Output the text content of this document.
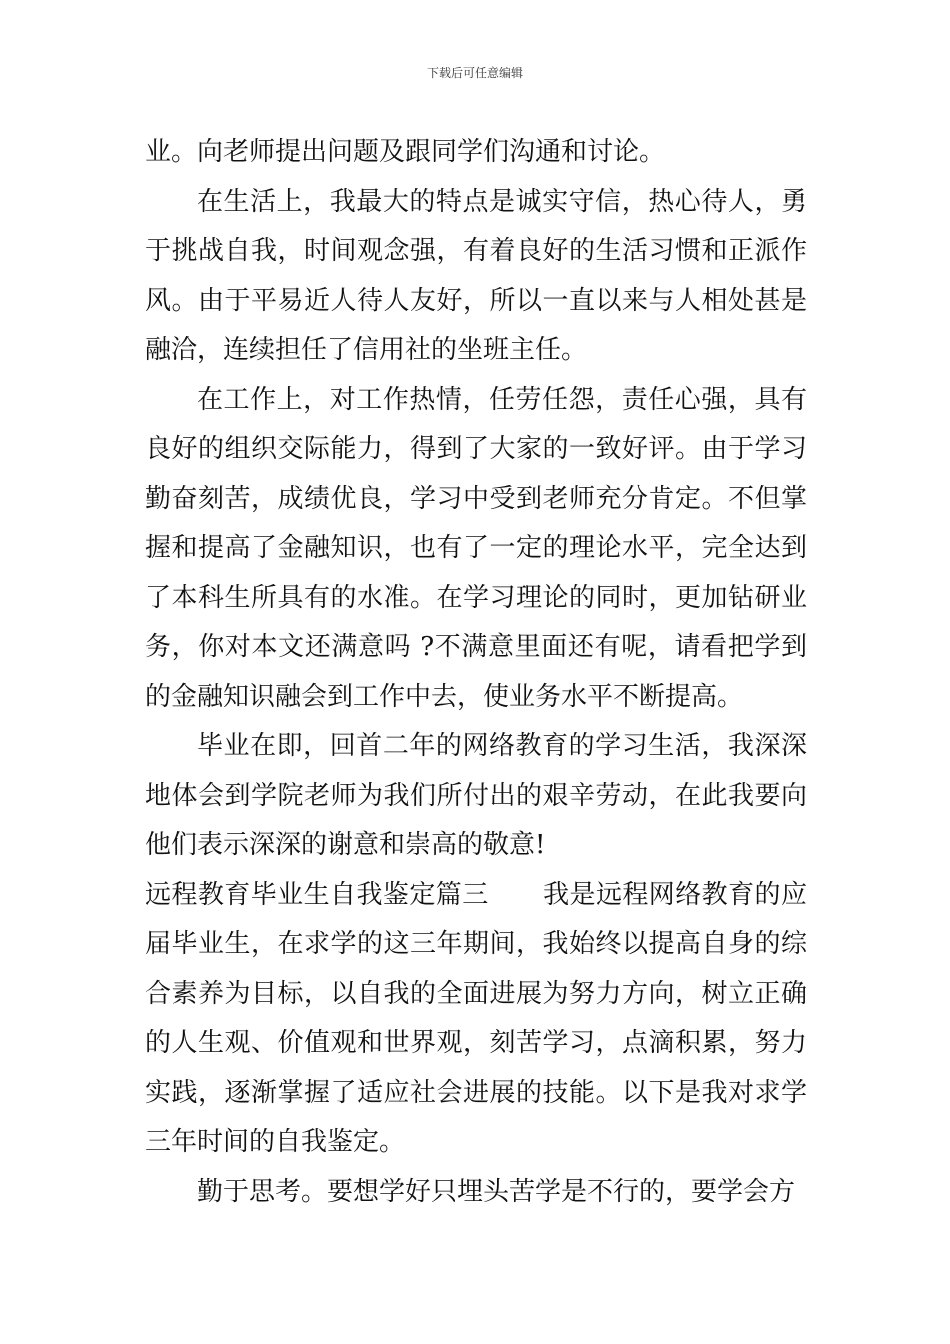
下载后可任意编辑

业。向老师提出问题及跟同学们沟通和讨论。

在生活上，我最大的特点是诚实守信，热心待人，勇于挑战自我，时间观念强，有着良好的生活习惯和正派作风。由于平易近人待人友好，所以一直以来与人相处甚是融洽，连续担任了信用社的坐班主任。

在工作上，对工作热情，任劳任怨，责任心强，具有良好的组织交际能力，得到了大家的一致好评。由于学习勤奋刻苦，成绩优良，学习中受到老师充分肯定。不但掌握和提高了金融知识，也有了一定的理论水平，完全达到了本科生所具有的水准。在学习理论的同时，更加钻研业务，你对本文还满意吗 ?不满意里面还有呢，请看把学到的金融知识融会到工作中去，使业务水平不断提高。

毕业在即，回首二年的网络教育的学习生活，我深深地体会到学院老师为我们所付出的艰辛劳动，在此我要向他们表示深深的谢意和崇高的敬意!

远程教育毕业生自我鉴定篇三 我是远程网络教育的应届毕业生，在求学的这三年期间，我始终以提高自身的综合素养为目标，以自我的全面进展为努力方向，树立正确的人生观、价值观和世界观，刻苦学习，点滴积累，努力实践，逐渐掌握了适应社会进展的技能。以下是我对求学三年时间的自我鉴定。

勤于思考。要想学好只埋头苦学是不行的，要学会方
